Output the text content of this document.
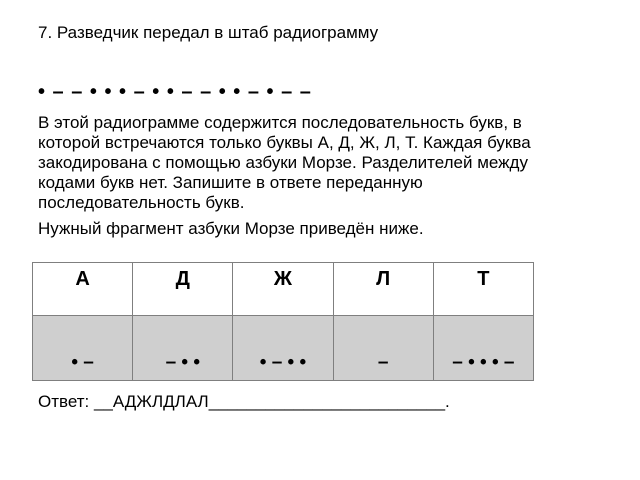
7. Разведчик передал в штаб радиограмму
• – – • • • – • • – – • • – • – –
В этой радиограмме содержится последовательность букв, в которой встречаются только буквы А, Д, Ж, Л, Т. Каждая буква закодирована с помощью азбуки Морзе. Разделителей между кодами букв нет. Запишите в ответе переданную последовательность букв.
Нужный фрагмент азбуки Морзе приведён ниже.
А	Д	Ж	Л	Т
• –	– • •	• – • •	–	– • • • –
Ответ: __АДЖЛДЛАЛ_________________________.
